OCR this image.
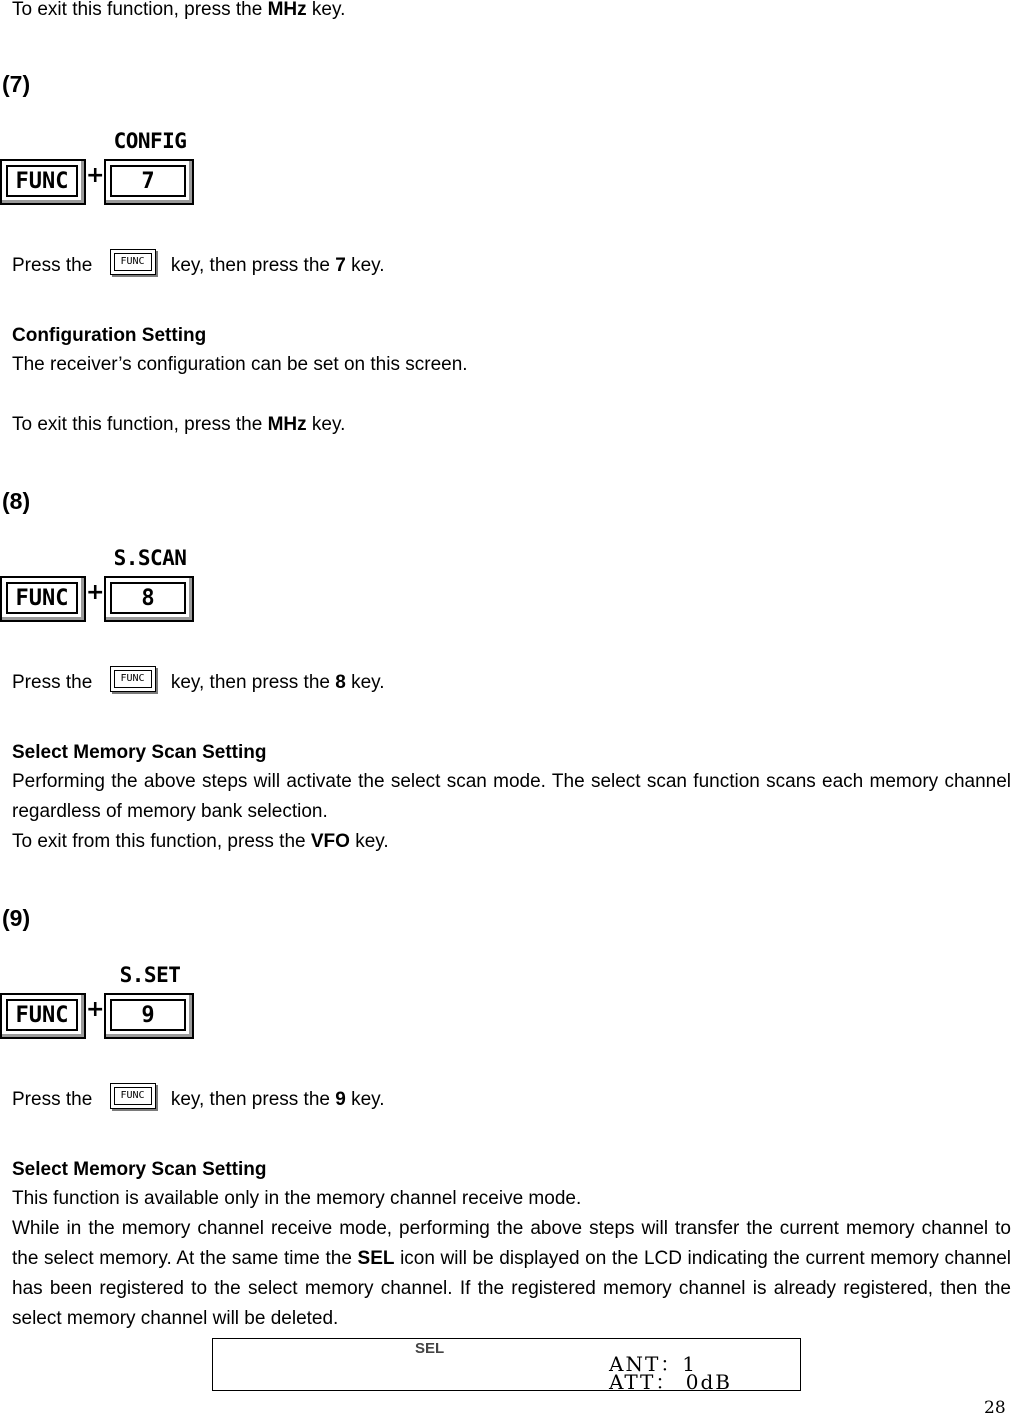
To exit this function, press the MHz key.
(7)
CONFIG
FUNC +	7
Press the	FUNC	key, then press the 7 key.
Configuration Setting
The receiver’s configuration can be set on this screen.
To exit this function, press the MHz key.
(8)
S.SCAN
FUNC +	8
Press the	FUNC	key, then press the 8 key.
Select Memory Scan Setting
Performing the above steps will activate the select scan mode. The select scan function scans each memory channel regardless of memory bank selection.
To exit from this function, press the VFO key.
(9)
S.SET
FUNC +	9
Press the	FUNC	key, then press the 9 key.
Select Memory Scan Setting
This function is available only in the memory channel receive mode.
While in the memory channel receive mode, performing the above steps will transfer the current memory channel to the select memory. At the same time the SEL icon will be displayed on the LCD indicating the current memory channel has been registered to the select memory channel. If the registered memory channel is already registered, then the select memory channel will be deleted.
SEL
ANT：1
ATT： 0dB
28
